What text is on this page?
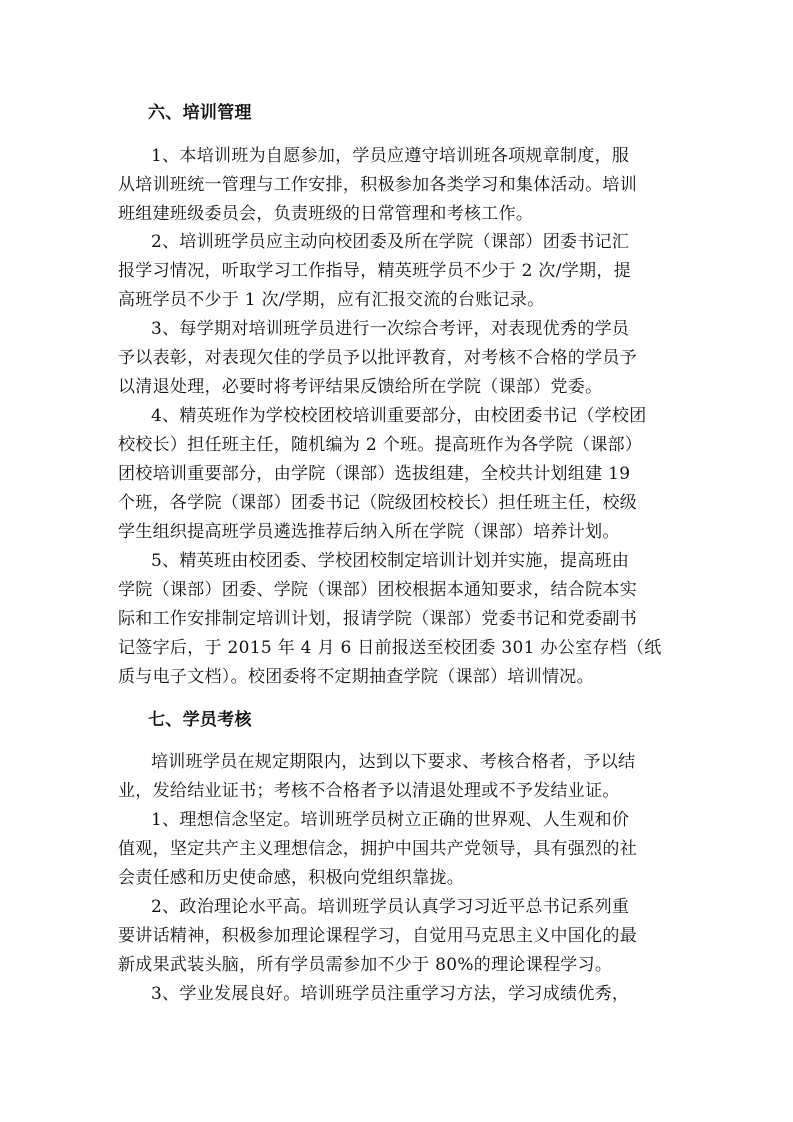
六、培训管理
1、本培训班为自愿参加，学员应遵守培训班各项规章制度，服
从培训班统一管理与工作安排，积极参加各类学习和集体活动。培训
班组建班级委员会，负责班级的日常管理和考核工作。
2、培训班学员应主动向校团委及所在学院（课部）团委书记汇
报学习情况，听取学习工作指导，精英班学员不少于 2 次/学期，提
高班学员不少于 1 次/学期，应有汇报交流的台账记录。
3、每学期对培训班学员进行一次综合考评，对表现优秀的学员
予以表彰，对表现欠佳的学员予以批评教育，对考核不合格的学员予
以清退处理，必要时将考评结果反馈给所在学院（课部）党委。
4、精英班作为学校校团校培训重要部分，由校团委书记（学校团
校校长）担任班主任，随机编为 2 个班。提高班作为各学院（课部）
团校培训重要部分，由学院（课部）选拔组建，全校共计划组建 19
个班，各学院（课部）团委书记（院级团校校长）担任班主任，校级
学生组织提高班学员遴选推荐后纳入所在学院（课部）培养计划。
5、精英班由校团委、学校团校制定培训计划并实施，提高班由
学院（课部）团委、学院（课部）团校根据本通知要求，结合院本实
际和工作安排制定培训计划，报请学院（课部）党委书记和党委副书
记签字后，于 2015 年 4 月 6 日前报送至校团委 301 办公室存档（纸
质与电子文档）。校团委将不定期抽查学院（课部）培训情况。
七、学员考核
培训班学员在规定期限内，达到以下要求、考核合格者，予以结
业，发给结业证书；考核不合格者予以清退处理或不予发结业证。
1、理想信念坚定。培训班学员树立正确的世界观、人生观和价
值观，坚定共产主义理想信念，拥护中国共产党领导，具有强烈的社
会责任感和历史使命感，积极向党组织靠拢。
2、政治理论水平高。培训班学员认真学习习近平总书记系列重
要讲话精神，积极参加理论课程学习，自觉用马克思主义中国化的最
新成果武装头脑，所有学员需参加不少于 80%的理论课程学习。
3、学业发展良好。培训班学员注重学习方法，学习成绩优秀，
